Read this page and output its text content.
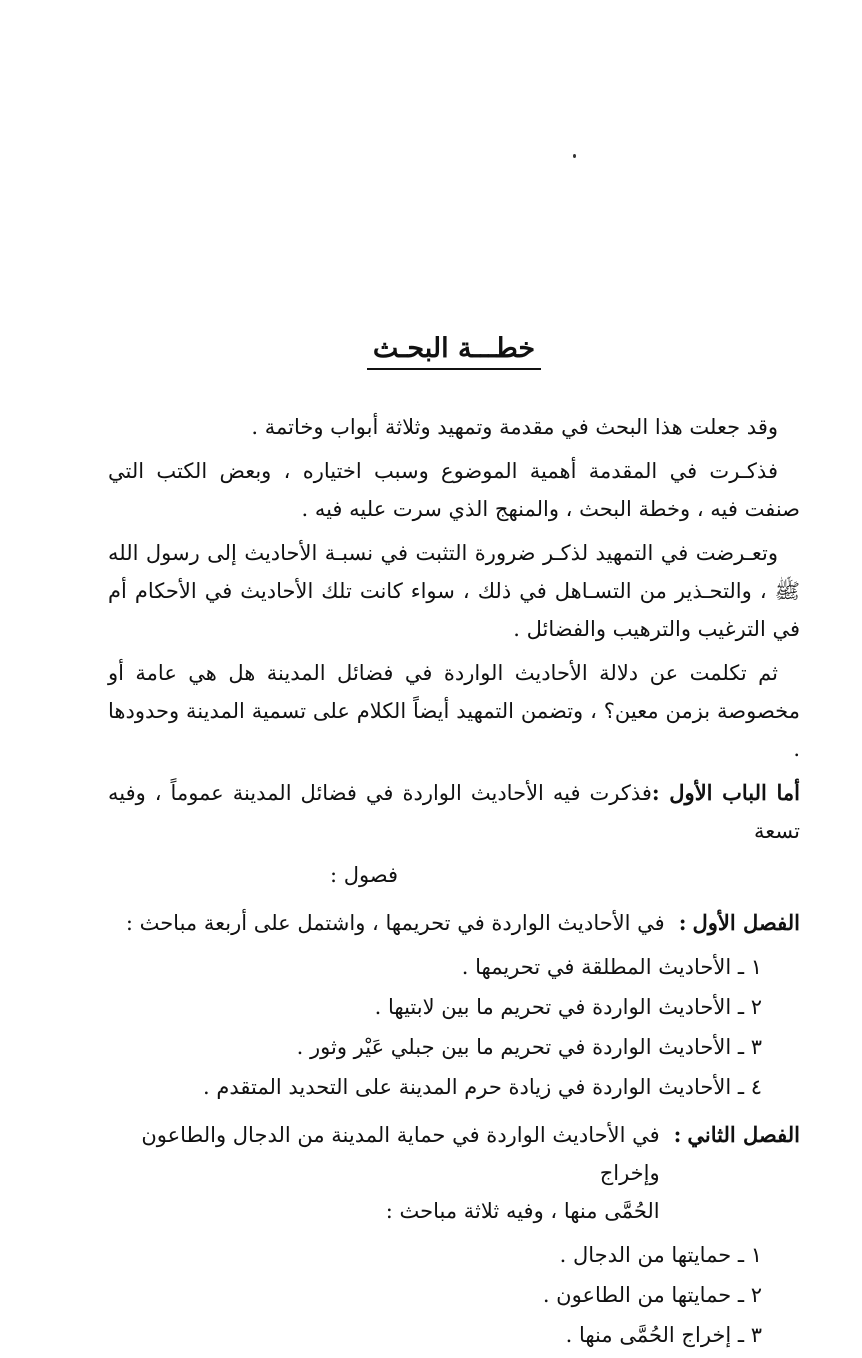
خطـــة البحـث

وقد جعلت هذا البحث في مقدمة وتمهيد وثلاثة أبواب وخاتمة .

فذكـرت في المقدمة أهمية الموضوع وسبب اختياره ، وبعض الكتب التي صنفت فيه ، وخطة البحث ، والمنهج الذي سرت عليه فيه .

وتعـرضت في التمهيد لذكـر ضرورة التثبت في نسبـة الأحاديث إلى رسول الله ﷺ ، والتحـذير من التسـاهل في ذلك ، سواء كانت تلك الأحاديث في الأحكام أم في الترغيب والترهيب والفضائل .

ثم تكلمت عن دلالة الأحاديث الواردة في فضائل المدينة هل هي عامة أو مخصوصة بزمن معين؟ ، وتضمن التمهيد أيضاً الكلام على تسمية المدينة وحدودها .

أما الباب الأول :فذكرت فيه الأحاديث الواردة في فضائل المدينة عموماً ، وفيه تسعة

فصول :
الفصل الأول:
في الأحاديث الواردة في تحريمها ، واشتمل على أربعة مباحث :
١ ـ الأحاديث المطلقة في تحريمها .
٢ ـ الأحاديث الواردة في تحريم ما بين لابتيها .
٣ ـ الأحاديث الواردة في تحريم ما بين جبلي عَيْر وثور .
٤ ـ الأحاديث الواردة في زيادة حرم المدينة على التحديد المتقدم .
الفصل الثاني:
في الأحاديث الواردة في حماية المدينة من الدجال والطاعون وإخراج
الحُمَّى منها ، وفيه ثلاثة مباحث :
١ ـ حمايتها من الدجال .
٢ ـ حمايتها من الطاعون .
٣ ـ إخراج الحُمَّى منها .
